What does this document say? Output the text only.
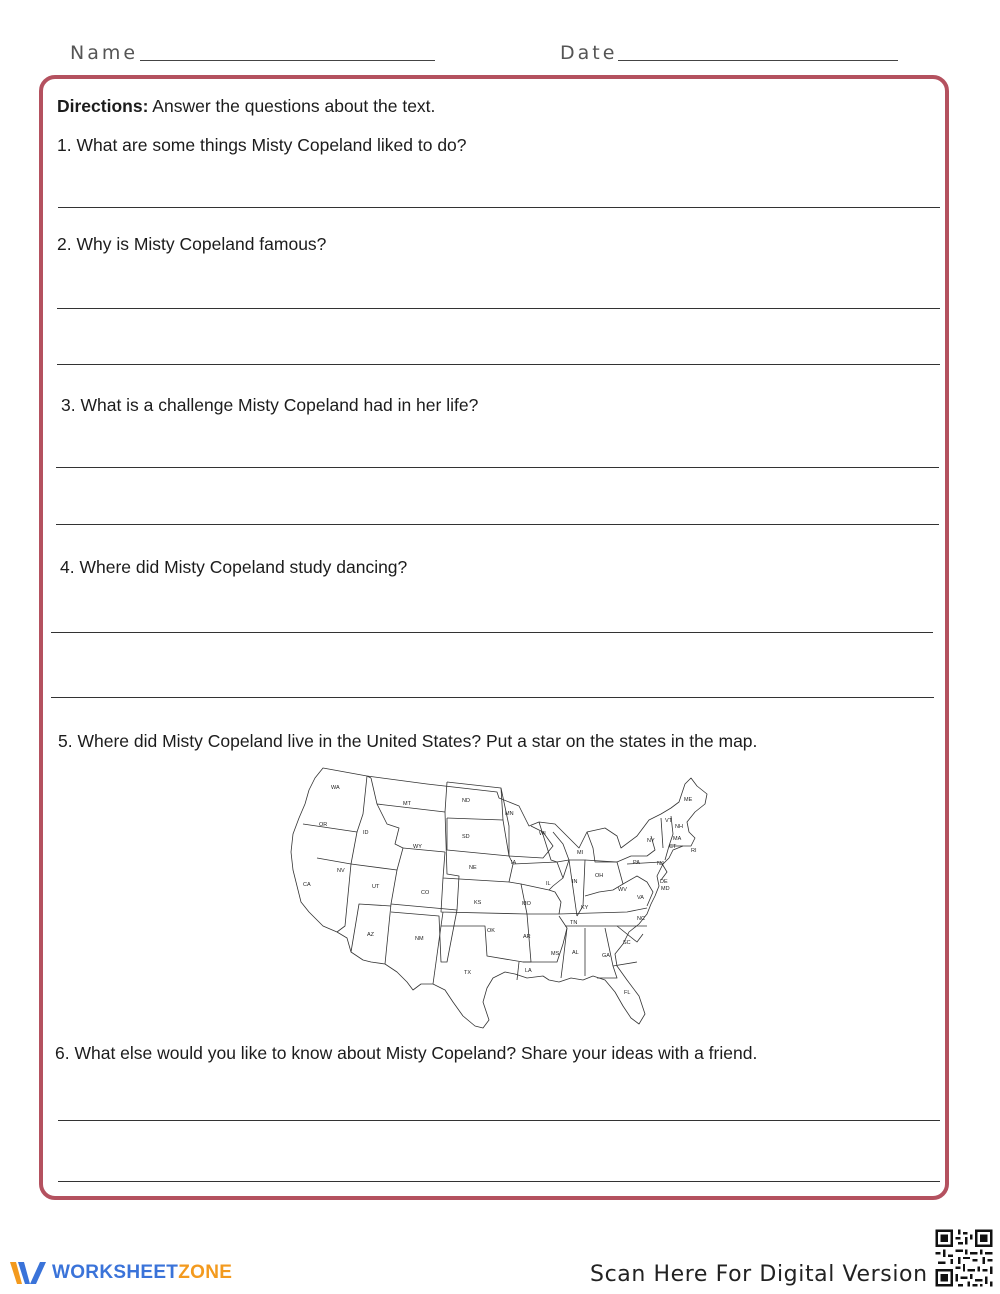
Name	Date
Directions: Answer the questions about the text.
1. What are some things Misty Copeland liked to do?
2. Why is Misty Copeland famous?
3. What is a challenge Misty Copeland had in her life?
4. Where did Misty Copeland study dancing?
5. Where did Misty Copeland live in the United States? Put a star on the states in the map.
WA
OR
CA
ID
NV
MT
WY
UT
AZ
CO
NM
ND
SD
NE
KS
OK
TX
MN
IA
MO
AR
LA
WI
IL
MI
IN
OH
KY
TN
MS AL	GA
FL
SC
NC
VA
WV
PA
NY
VT
NH
ME
MA
RI
CT
NJ
DE
MD
6. What else would you like to know about Misty Copeland? Share your ideas with a friend.
WORKSHEETZONE	Scan Here For Digital Version
